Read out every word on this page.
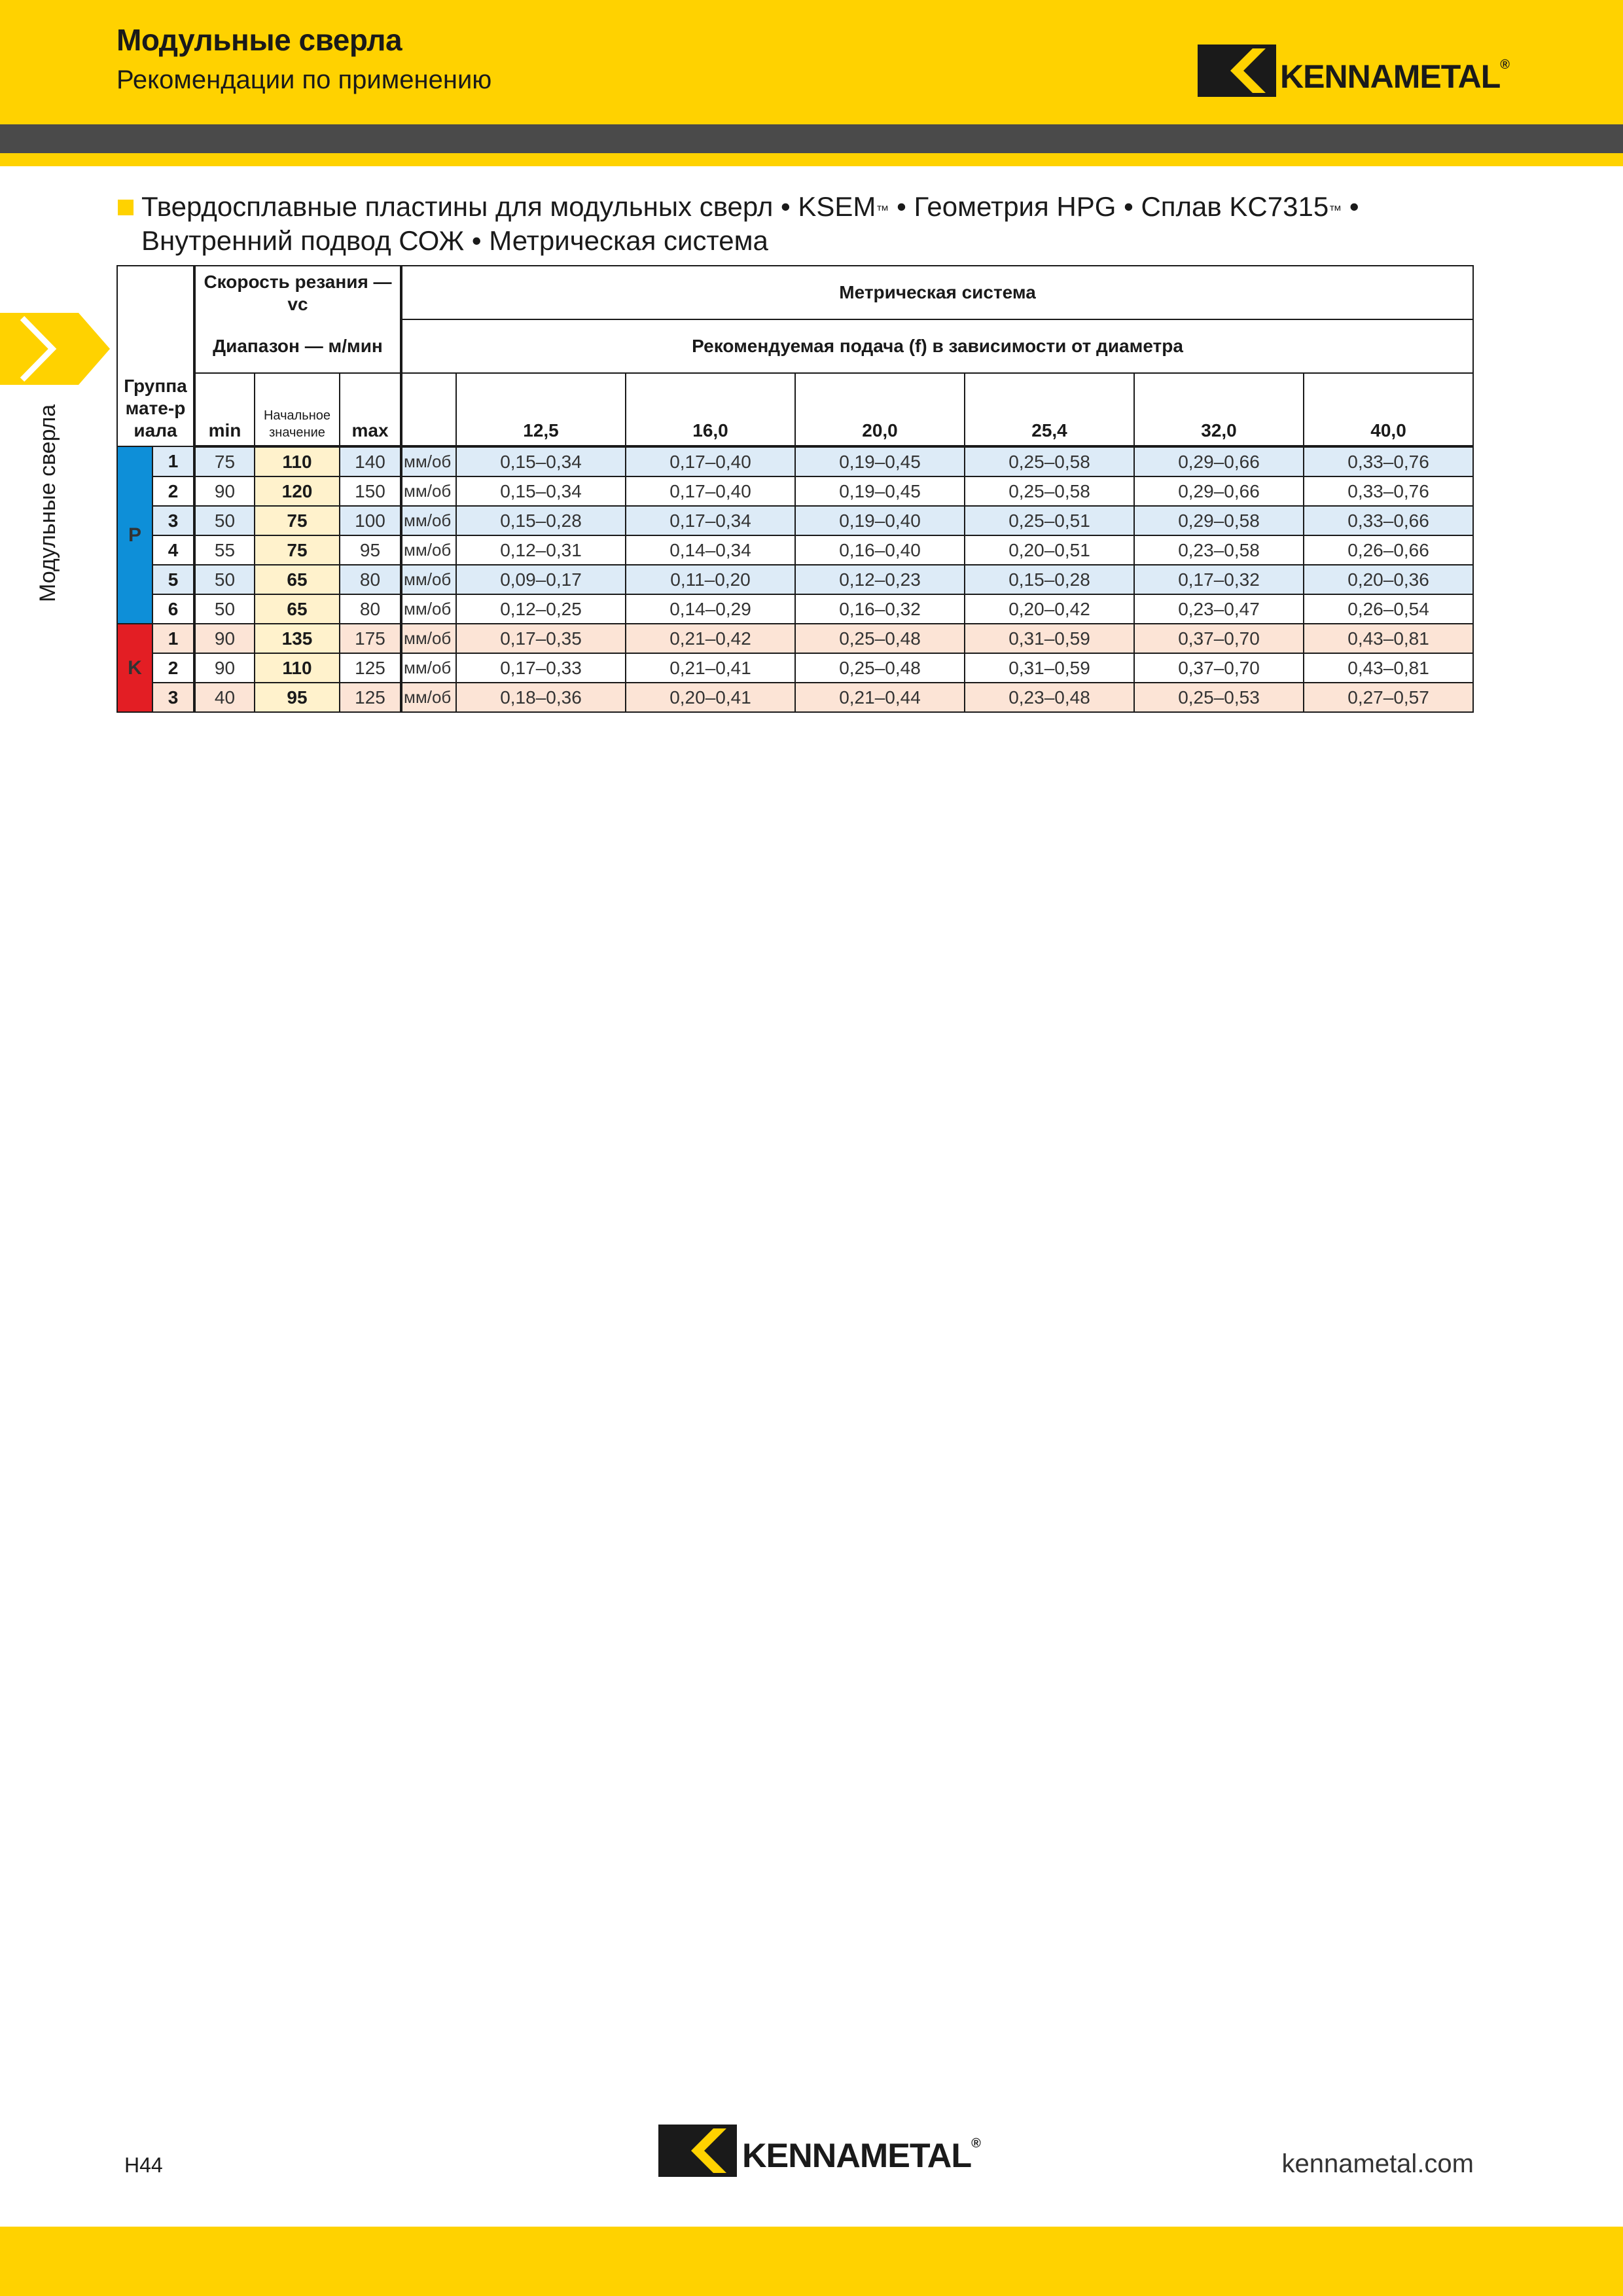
Модульные сверла
Рекомендации по применению	KENNAMETAL®
Модульные сверла
Твердосплавные пластины для модульных сверл • KSEM™ • Геометрия HPG • Сплав KC7315™ •
Внутренний подвод СОЖ • Метрическая система
Группа мате-риала		Скорость резания — vc			Метрическая система						
		Диапазон — м/мин			Рекомендуемая подача (f) в зависимости от диаметра						
		min	Начальное значение	max		12,5	16,0	20,0	25,4	32,0	40,0
P	1	75	110	140	мм/об	0,15–0,34	0,17–0,40	0,19–0,45	0,25–0,58	0,29–0,66	0,33–0,76
	2	90	120	150	мм/об	0,15–0,34	0,17–0,40	0,19–0,45	0,25–0,58	0,29–0,66	0,33–0,76
	3	50	75	100	мм/об	0,15–0,28	0,17–0,34	0,19–0,40	0,25–0,51	0,29–0,58	0,33–0,66
	4	55	75	95	мм/об	0,12–0,31	0,14–0,34	0,16–0,40	0,20–0,51	0,23–0,58	0,26–0,66
	5	50	65	80	мм/об	0,09–0,17	0,11–0,20	0,12–0,23	0,15–0,28	0,17–0,32	0,20–0,36
	6	50	65	80	мм/об	0,12–0,25	0,14–0,29	0,16–0,32	0,20–0,42	0,23–0,47	0,26–0,54
K	1	90	135	175	мм/об	0,17–0,35	0,21–0,42	0,25–0,48	0,31–0,59	0,37–0,70	0,43–0,81
	2	90	110	125	мм/об	0,17–0,33	0,21–0,41	0,25–0,48	0,31–0,59	0,37–0,70	0,43–0,81
	3	40	95	125	мм/об	0,18–0,36	0,20–0,41	0,21–0,44	0,23–0,48	0,25–0,53	0,27–0,57
H44	KENNAMETAL®
kennametal.com
